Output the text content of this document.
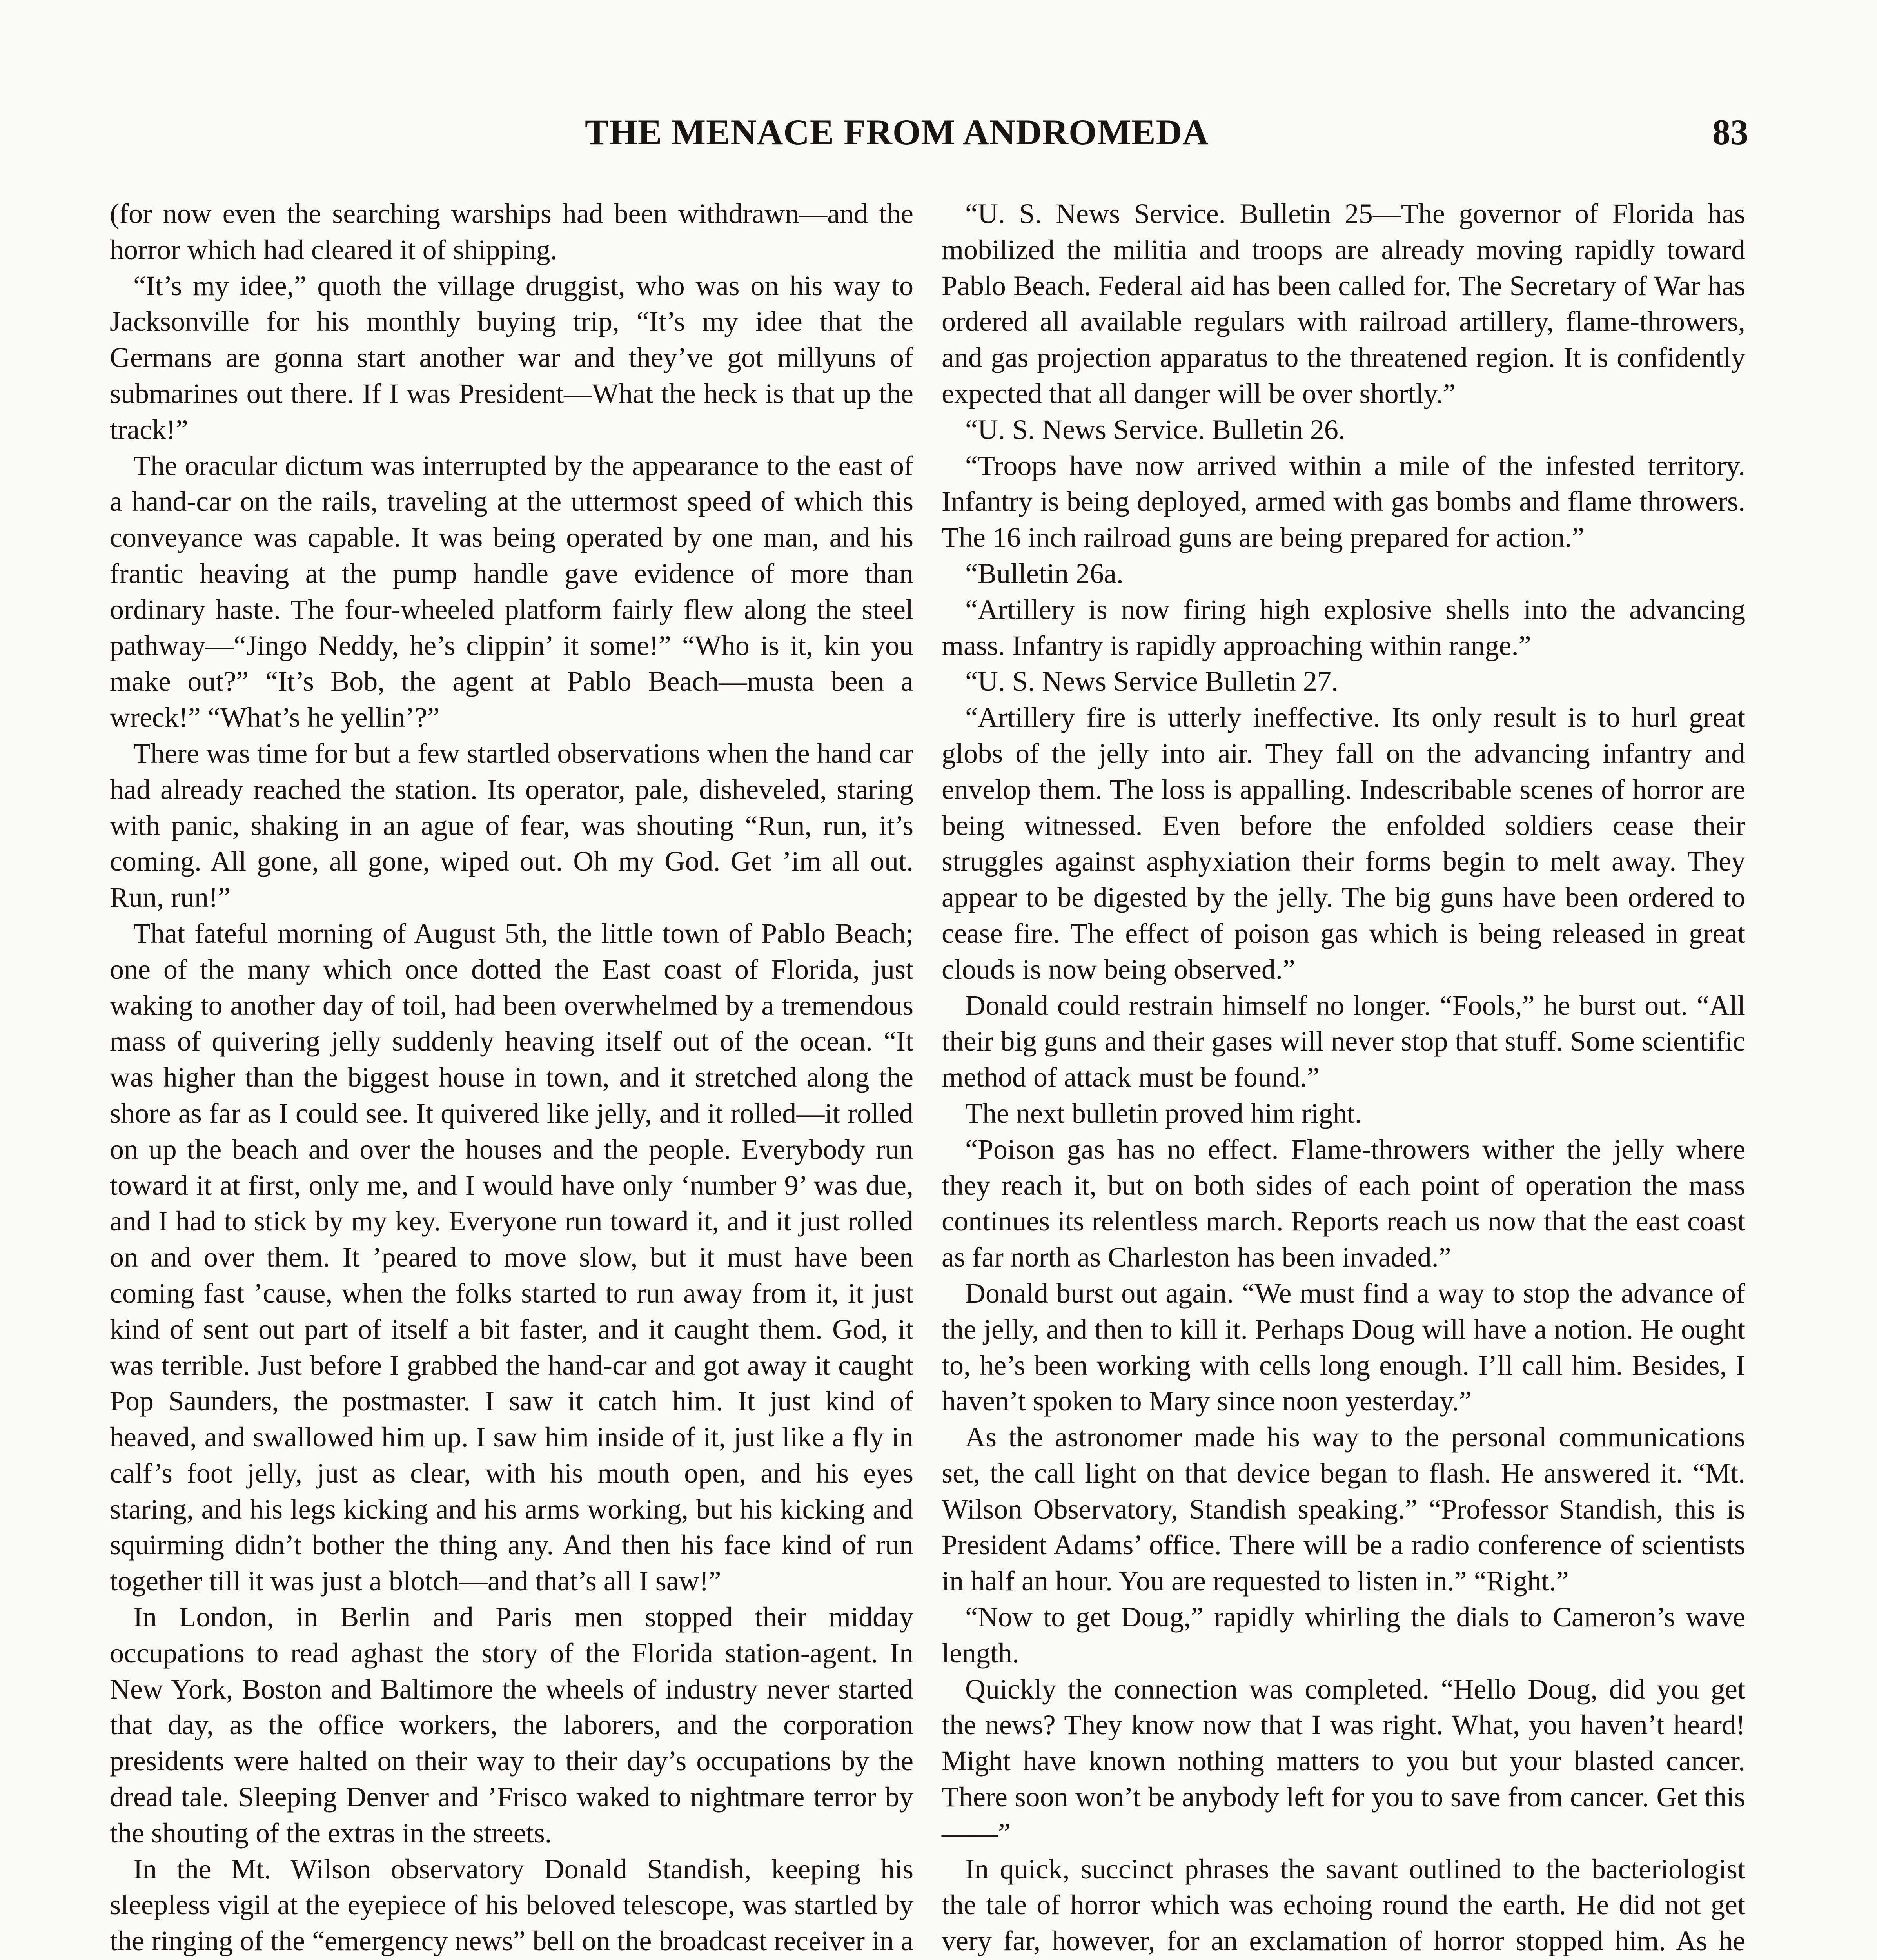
THE MENACE FROM ANDROMEDA	83

(for now even the searching warships had been withdrawn—and the horror which had cleared it of shipping.

“It’s my idee,” quoth the village druggist, who was on his way to Jacksonville for his monthly buying trip, “It’s my idee that the Germans are gonna start another war and they’ve got millyuns of submarines out there. If I was President—What the heck is that up the track!”

The oracular dictum was interrupted by the appearance to the east of a hand-car on the rails, traveling at the uttermost speed of which this conveyance was capable. It was being operated by one man, and his frantic heaving at the pump handle gave evidence of more than ordinary haste. The four-wheeled platform fairly flew along the steel pathway—“Jingo Neddy, he’s clippin’ it some!” “Who is it, kin you make out?” “It’s Bob, the agent at Pablo Beach—musta been a wreck!” “What’s he yellin’?”

There was time for but a few startled observations when the hand car had already reached the station. Its operator, pale, disheveled, staring with panic, shaking in an ague of fear, was shouting “Run, run, it’s coming. All gone, all gone, wiped out. Oh my God. Get ’im all out. Run, run!”

That fateful morning of August 5th, the little town of Pablo Beach; one of the many which once dotted the East coast of Florida, just waking to another day of toil, had been overwhelmed by a tremendous mass of quivering jelly suddenly heaving itself out of the ocean. “It was higher than the biggest house in town, and it stretched along the shore as far as I could see. It quivered like jelly, and it rolled—it rolled on up the beach and over the houses and the people. Everybody run toward it at first, only me, and I would have only ‘number 9’ was due, and I had to stick by my key. Everyone run toward it, and it just rolled on and over them. It ’peared to move slow, but it must have been coming fast ’cause, when the folks started to run away from it, it just kind of sent out part of itself a bit faster, and it caught them. God, it was terrible. Just before I grabbed the hand-car and got away it caught Pop Saunders, the postmaster. I saw it catch him. It just kind of heaved, and swallowed him up. I saw him inside of it, just like a fly in calf’s foot jelly, just as clear, with his mouth open, and his eyes staring, and his legs kicking and his arms working, but his kicking and squirming didn’t bother the thing any. And then his face kind of run together till it was just a blotch—and that’s all I saw!”

In London, in Berlin and Paris men stopped their midday occupations to read aghast the story of the Florida station-agent. In New York, Boston and Baltimore the wheels of industry never started that day, as the office workers, the laborers, and the corporation presidents were halted on their way to their day’s occupations by the dread tale. Sleeping Denver and ’Frisco waked to nightmare terror by the shouting of the extras in the streets.

In the Mt. Wilson observatory Donald Standish, keeping his sleepless vigil at the eyepiece of his beloved telescope, was startled by the ringing of the “emergency news” bell on the broadcast receiver in a

“U. S. News Service. Bulletin 25—The governor of Florida has mobilized the militia and troops are already moving rapidly toward Pablo Beach. Federal aid has been called for. The Secretary of War has ordered all available regulars with railroad artillery, flame-throwers, and gas projection apparatus to the threatened region. It is confidently expected that all danger will be over shortly.”

“U. S. News Service. Bulletin 26.

“Troops have now arrived within a mile of the infested territory. Infantry is being deployed, armed with gas bombs and flame throwers. The 16 inch railroad guns are being prepared for action.”

“Bulletin 26a.

“Artillery is now firing high explosive shells into the advancing mass. Infantry is rapidly approaching within range.”

“U. S. News Service Bulletin 27.

“Artillery fire is utterly ineffective. Its only result is to hurl great globs of the jelly into air. They fall on the advancing infantry and envelop them. The loss is appalling. Indescribable scenes of horror are being witnessed. Even before the enfolded soldiers cease their struggles against asphyxiation their forms begin to melt away. They appear to be digested by the jelly. The big guns have been ordered to cease fire. The effect of poison gas which is being released in great clouds is now being observed.”

Donald could restrain himself no longer. “Fools,” he burst out. “All their big guns and their gases will never stop that stuff. Some scientific method of attack must be found.”

The next bulletin proved him right.

“Poison gas has no effect. Flame-throwers wither the jelly where they reach it, but on both sides of each point of operation the mass continues its relentless march. Reports reach us now that the east coast as far north as Charleston has been invaded.”

Donald burst out again. “We must find a way to stop the advance of the jelly, and then to kill it. Perhaps Doug will have a notion. He ought to, he’s been working with cells long enough. I’ll call him. Besides, I haven’t spoken to Mary since noon yesterday.”

As the astronomer made his way to the personal communications set, the call light on that device began to flash. He answered it. “Mt. Wilson Observatory, Standish speaking.” “Professor Standish, this is President Adams’ office. There will be a radio conference of scientists in half an hour. You are requested to listen in.” “Right.”

“Now to get Doug,” rapidly whirling the dials to Cameron’s wave length.

Quickly the connection was completed. “Hello Doug, did you get the news? They know now that I was right. What, you haven’t heard! Might have known nothing matters to you but your blasted cancer. There soon won’t be anybody left for you to save from cancer. Get this——”

In quick, succinct phrases the savant outlined to the bacteriologist the tale of horror which was echoing round the earth. He did not get very far, however, for an exclamation of horror stopped him. As he
